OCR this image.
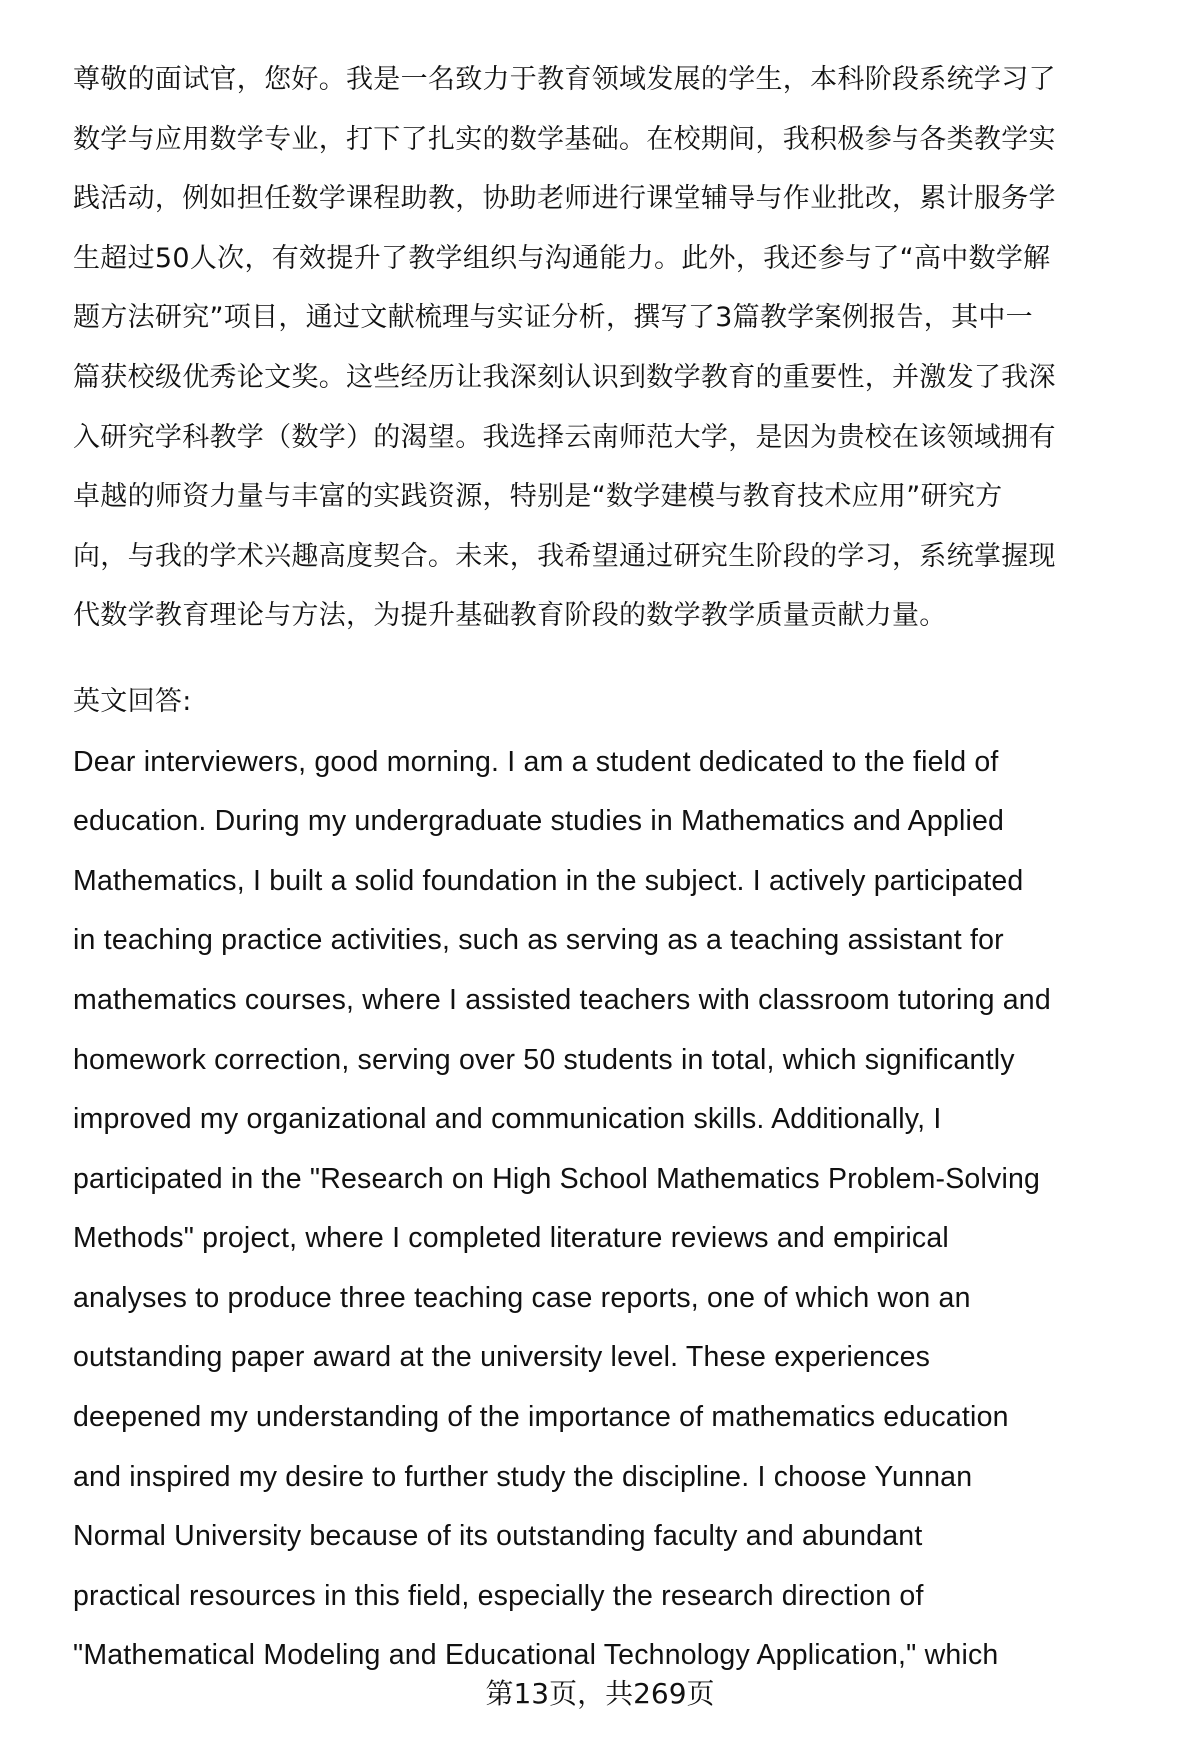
尊敬的面试官，您好。我是一名致力于教育领域发展的学生，本科阶段系统学习了
数学与应用数学专业，打下了扎实的数学基础。在校期间，我积极参与各类教学实
践活动，例如担任数学课程助教，协助老师进行课堂辅导与作业批改，累计服务学
生超过50人次，有效提升了教学组织与沟通能力。此外，我还参与了“高中数学解
题方法研究”项目，通过文献梳理与实证分析，撰写了3篇教学案例报告，其中一
篇获校级优秀论文奖。这些经历让我深刻认识到数学教育的重要性，并激发了我深
入研究学科教学（数学）的渴望。我选择云南师范大学，是因为贵校在该领域拥有
卓越的师资力量与丰富的实践资源，特别是“数学建模与教育技术应用”研究方
向，与我的学术兴趣高度契合。未来，我希望通过研究生阶段的学习，系统掌握现
代数学教育理论与方法，为提升基础教育阶段的数学教学质量贡献力量。
英文回答:
Dear interviewers, good morning. I am a student dedicated to the field of
education. During my undergraduate studies in Mathematics and Applied
Mathematics, I built a solid foundation in the subject. I actively participated
in teaching practice activities, such as serving as a teaching assistant for
mathematics courses, where I assisted teachers with classroom tutoring and
homework correction, serving over 50 students in total, which significantly
improved my organizational and communication skills. Additionally, I
participated in the "Research on High School Mathematics Problem-Solving
Methods" project, where I completed literature reviews and empirical
analyses to produce three teaching case reports, one of which won an
outstanding paper award at the university level. These experiences
deepened my understanding of the importance of mathematics education
and inspired my desire to further study the discipline. I choose Yunnan
Normal University because of its outstanding faculty and abundant
practical resources in this field, especially the research direction of
"Mathematical Modeling and Educational Technology Application," which
第13页，共269页
